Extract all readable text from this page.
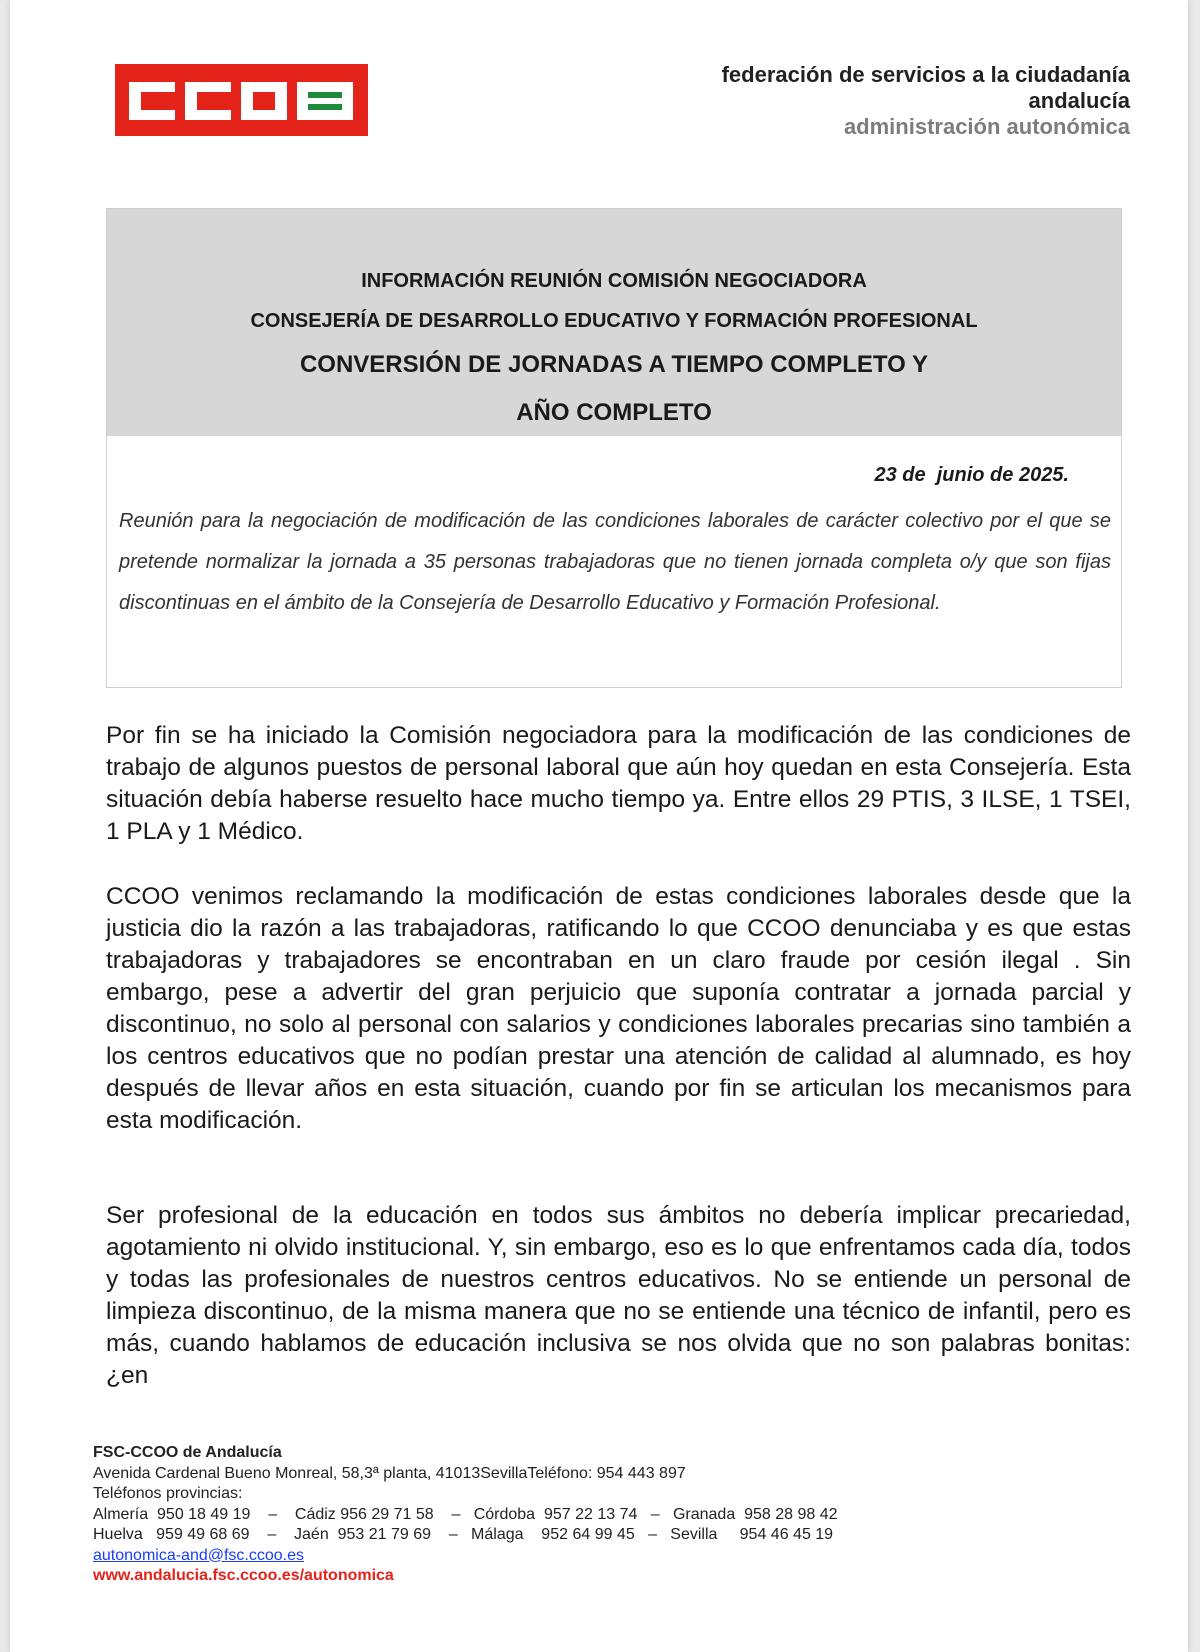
federación de servicios a la ciudadanía
andalucía
administración autonómica
INFORMACIÓN REUNIÓN COMISIÓN NEGOCIADORA
CONSEJERÍA DE DESARROLLO EDUCATIVO Y FORMACIÓN PROFESIONAL
CONVERSIÓN DE JORNADAS A TIEMPO COMPLETO Y
AÑO COMPLETO
23 de  junio de 2025.
Reunión para la negociación de modificación de las condiciones laborales de carácter colectivo por el que se pretende normalizar la jornada a 35 personas trabajadoras que no tienen jornada completa o/y que son fijas discontinuas en el ámbito de la Consejería de Desarrollo Educativo y Formación Profesional.
Por fin se ha iniciado la Comisión negociadora para la modificación de las condiciones de trabajo de algunos puestos de personal laboral que aún hoy quedan en esta Consejería. Esta situación debía haberse resuelto hace mucho tiempo ya. Entre ellos 29 PTIS, 3 ILSE, 1 TSEI, 1 PLA y 1 Médico.
CCOO venimos reclamando la modificación de estas condiciones laborales desde que la justicia dio la razón a las trabajadoras, ratificando lo que CCOO denunciaba y es que estas trabajadoras y trabajadores se encontraban en un claro fraude por cesión ilegal . Sin embargo, pese a advertir del gran perjuicio que suponía contratar a jornada parcial y discontinuo, no solo al personal con salarios y condiciones laborales precarias sino también a los centros educativos que no podían prestar una atención de calidad al alumnado, es hoy después de llevar años en esta situación, cuando por fin se articulan los mecanismos para esta modificación.
Ser profesional de la educación en todos sus ámbitos no debería implicar precariedad, agotamiento ni olvido institucional. Y, sin embargo, eso es lo que enfrentamos cada día, todos y todas las profesionales de nuestros centros educativos. No se entiende un personal de limpieza discontinuo, de la misma manera que no se entiende una técnico de infantil, pero es más, cuando hablamos de educación inclusiva se nos olvida que no son palabras bonitas: ¿en
FSC-CCOO de Andalucía
Avenida Cardenal Bueno Monreal, 58,3ª planta, 41013SevillaTeléfono: 954 443 897
Teléfonos provincias:
Almería  950 18 49 19    –    Cádiz 956 29 71 58    –   Córdoba  957 22 13 74   –   Granada  958 28 98 42
Huelva   959 49 68 69    –    Jaén  953 21 79 69    –   Málaga    952 64 99 45   –   Sevilla     954 46 45 19
autonomica-and@fsc.ccoo.es
www.andalucia.fsc.ccoo.es/autonomica
